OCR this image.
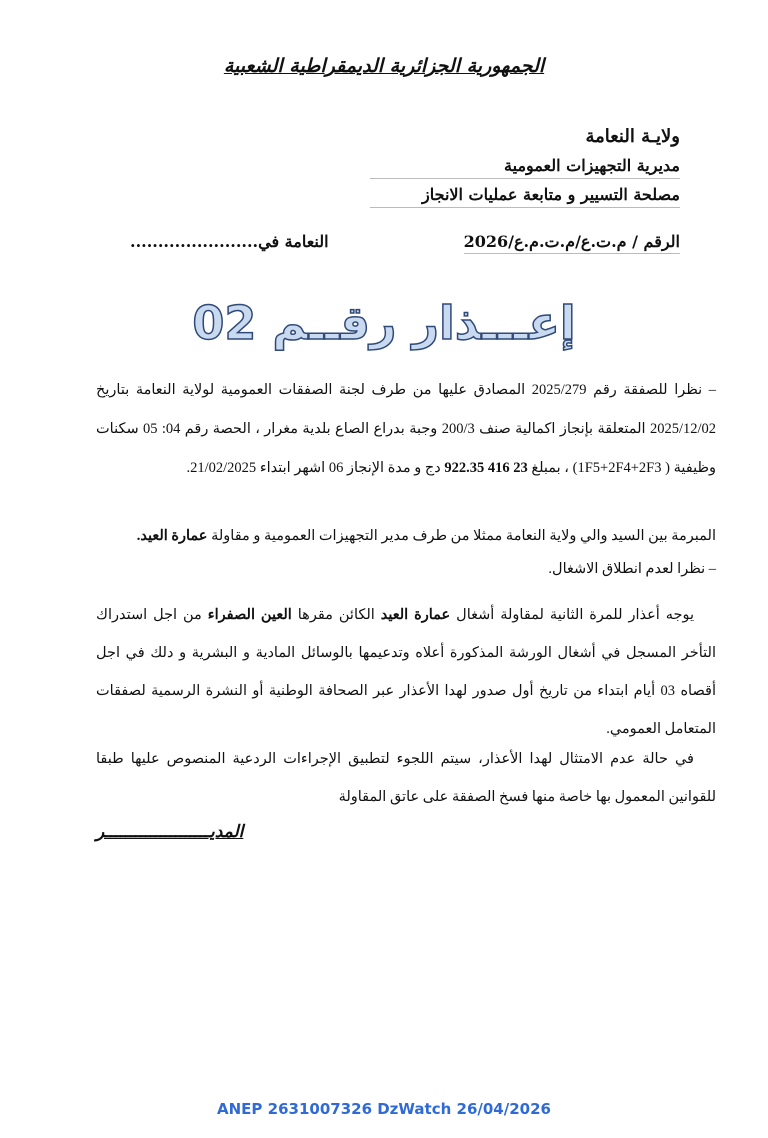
الجمهورية الجزائرية الديمقراطية الشعبية
ولايـة النعامة
مديرية التجهيزات العمومية
مصلحة التسيير و متابعة عمليات الانجاز
الرقم / م.ت.ع/م.ت.م.ع/2026
النعامة في.......................
إعـــذار رقــم 02
– نظرا للصفقة رقم 2025/279 المصادق عليها من طرف لجنة الصفقات العمومية لولاية النعامة بتاريخ 2025/12/02 المتعلقة بإنجاز اكمالية صنف 200/3 وجبة بدراع الصاع بلدية مغرار ، الحصة رقم 04: 05 سكنات وظيفية ( 1F5+2F4+2F3) ، بمبلغ 23 416 922.35 دج و مدة الإنجاز 06 اشهر ابتداء 21/02/2025.
المبرمة بين السيد والي ولاية النعامة ممثلا من طرف مدير التجهيزات العمومية و مقاولة عمارة العيد.
– نظرا لعدم انطلاق الاشغال.
يوجه أعذار للمرة الثانية لمقاولة أشغال عمارة العيد الكائن مقرها العين الصفراء من اجل استدراك التأخر المسجل في أشغال الورشة المذكورة أعلاه وتدعيمها بالوسائل المادية و البشرية و دلك في اجل أقصاه 03 أيام ابتداء من تاريخ أول صدور لهدا الأعذار عبر الصحافة الوطنية أو النشرة الرسمية لصفقات المتعامل العمومي.
في حالة عدم الامتثال لهدا الأعذار، سيتم اللجوء لتطبيق الإجراءات الردعية المنصوص عليها طبقا للقوانين المعمول بها خاصة منها فسخ الصفقة على عاتق المقاولة
المديـــــــــــــــــــــر
ANEP 2631007326 DzWatch 26/04/2026
